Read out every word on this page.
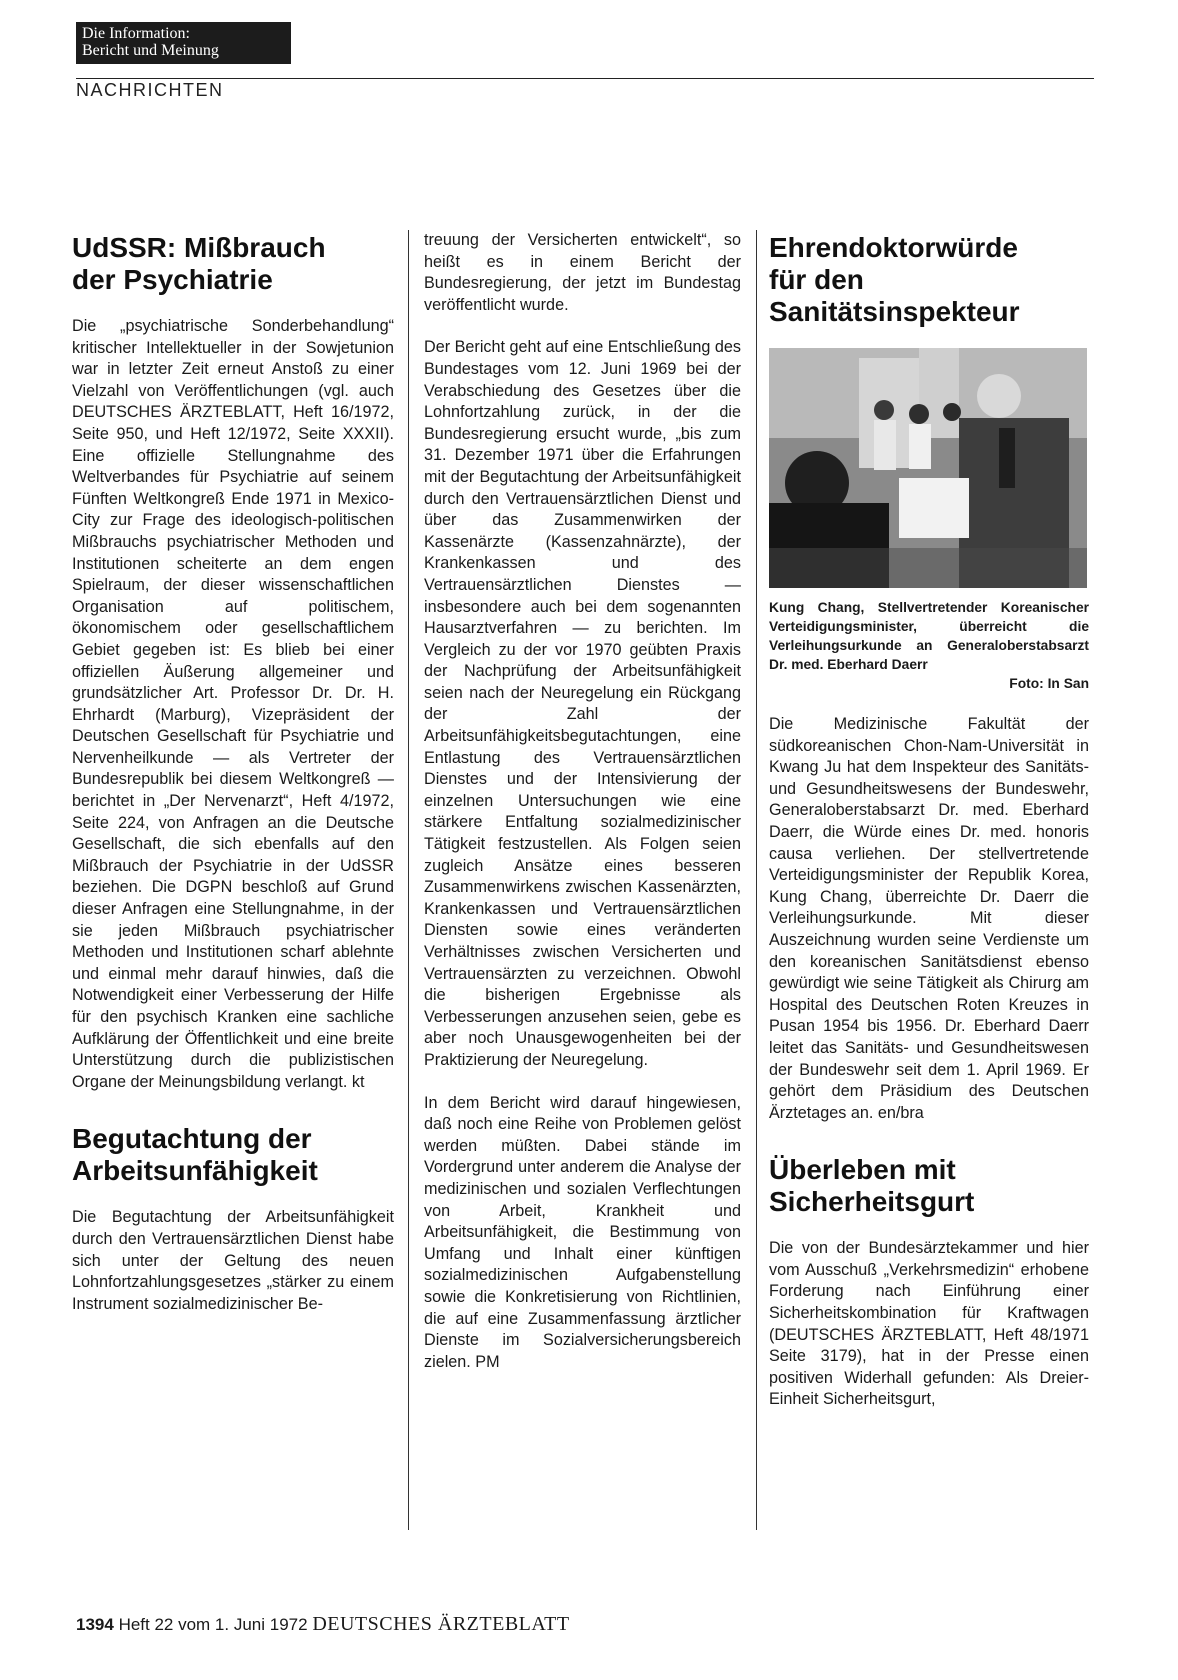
Die Information:
Bericht und Meinung
NACHRICHTEN
UdSSR: Mißbrauch
der Psychiatrie

Die „psychiatrische Sonderbehandlung“ kritischer Intellektueller in der Sowjetunion war in letzter Zeit erneut Anstoß zu einer Vielzahl von Veröffentlichungen (vgl. auch DEUTSCHES ÄRZTEBLATT, Heft 16/1972, Seite 950, und Heft 12/1972, Seite XXXII). Eine offizielle Stellungnahme des Weltverbandes für Psychiatrie auf seinem Fünften Weltkongreß Ende 1971 in Mexico-City zur Frage des ideologisch-politischen Mißbrauchs psychiatrischer Methoden und Institutionen scheiterte an dem engen Spielraum, der dieser wissenschaftlichen Organisation auf politischem, ökonomischem oder gesellschaftlichem Gebiet gegeben ist: Es blieb bei einer offiziellen Äußerung allgemeiner und grundsätzlicher Art. Professor Dr. Dr. H. Ehrhardt (Marburg), Vizepräsident der Deutschen Gesellschaft für Psychiatrie und Nervenheilkunde — als Vertreter der Bundesrepublik bei diesem Weltkongreß — berichtet in „Der Nervenarzt“, Heft 4/1972, Seite 224, von Anfragen an die Deutsche Gesellschaft, die sich ebenfalls auf den Mißbrauch der Psychiatrie in der UdSSR beziehen. Die DGPN beschloß auf Grund dieser Anfragen eine Stellungnahme, in der sie jeden Mißbrauch psychiatrischer Methoden und Institutionen scharf ablehnte und einmal mehr darauf hinwies, daß die Notwendigkeit einer Verbesserung der Hilfe für den psychisch Kranken eine sachliche Aufklärung der Öffentlichkeit und eine breite Unterstützung durch die publizistischen Organe der Meinungsbildung verlangt. kt

Begutachtung der
Arbeitsunfähigkeit

Die Begutachtung der Arbeitsunfähigkeit durch den Vertrauensärztlichen Dienst habe sich unter der Geltung des neuen Lohnfortzahlungsgesetzes „stärker zu einem Instrument sozialmedizinischer Be-

treuung der Versicherten entwickelt“, so heißt es in einem Bericht der Bundesregierung, der jetzt im Bundestag veröffentlicht wurde.

Der Bericht geht auf eine Entschließung des Bundestages vom 12. Juni 1969 bei der Verabschiedung des Gesetzes über die Lohnfortzahlung zurück, in der die Bundesregierung ersucht wurde, „bis zum 31. Dezember 1971 über die Erfahrungen mit der Begutachtung der Arbeitsunfähigkeit durch den Vertrauensärztlichen Dienst und über das Zusammenwirken der Kassenärzte (Kassenzahnärzte), der Krankenkassen und des Vertrauensärztlichen Dienstes — insbesondere auch bei dem sogenannten Hausarztverfahren — zu berichten. Im Vergleich zu der vor 1970 geübten Praxis der Nachprüfung der Arbeitsunfähigkeit seien nach der Neuregelung ein Rückgang der Zahl der Arbeitsunfähigkeitsbegutachtungen, eine Entlastung des Vertrauensärztlichen Dienstes und der Intensivierung der einzelnen Untersuchungen wie eine stärkere Entfaltung sozialmedizinischer Tätigkeit festzustellen. Als Folgen seien zugleich Ansätze eines besseren Zusammenwirkens zwischen Kassenärzten, Krankenkassen und Vertrauensärztlichen Diensten sowie eines veränderten Verhältnisses zwischen Versicherten und Vertrauensärzten zu verzeichnen. Obwohl die bisherigen Ergebnisse als Verbesserungen anzusehen seien, gebe es aber noch Unausgewogenheiten bei der Praktizierung der Neuregelung.

In dem Bericht wird darauf hingewiesen, daß noch eine Reihe von Problemen gelöst werden müßten. Dabei stände im Vordergrund unter anderem die Analyse der medizinischen und sozialen Verflechtungen von Arbeit, Krankheit und Arbeitsunfähigkeit, die Bestimmung von Umfang und Inhalt einer künftigen sozialmedizinischen Aufgabenstellung sowie die Konkretisierung von Richtlinien, die auf eine Zusammenfassung ärztlicher Dienste im Sozialversicherungsbereich zielen. PM

Ehrendoktorwürde
für den
Sanitätsinspekteur

Kung Chang, Stellvertretender Koreanischer Verteidigungsminister, überreicht die Verleihungsurkunde an Generaloberstabsarzt Dr. med. Eberhard Daerr

Foto: In San

Die Medizinische Fakultät der südkoreanischen Chon-Nam-Universität in Kwang Ju hat dem Inspekteur des Sanitäts- und Gesundheitswesens der Bundeswehr, Generaloberstabsarzt Dr. med. Eberhard Daerr, die Würde eines Dr. med. honoris causa verliehen. Der stellvertretende Verteidigungsminister der Republik Korea, Kung Chang, überreichte Dr. Daerr die Verleihungsurkunde. Mit dieser Auszeichnung wurden seine Verdienste um den koreanischen Sanitätsdienst ebenso gewürdigt wie seine Tätigkeit als Chirurg am Hospital des Deutschen Roten Kreuzes in Pusan 1954 bis 1956. Dr. Eberhard Daerr leitet das Sanitäts- und Gesundheitswesen der Bundeswehr seit dem 1. April 1969. Er gehört dem Präsidium des Deutschen Ärztetages an. en/bra

Überleben mit
Sicherheitsgurt

Die von der Bundesärztekammer und hier vom Ausschuß „Verkehrsmedizin“ erhobene Forderung nach Einführung einer Sicherheitskombination für Kraftwagen (DEUTSCHES ÄRZTEBLATT, Heft 48/1971 Seite 3179), hat in der Presse einen positiven Widerhall gefunden: Als Dreier-Einheit Sicherheitsgurt,

1394 Heft 22 vom 1. Juni 1972 DEUTSCHES ÄRZTEBLATT
